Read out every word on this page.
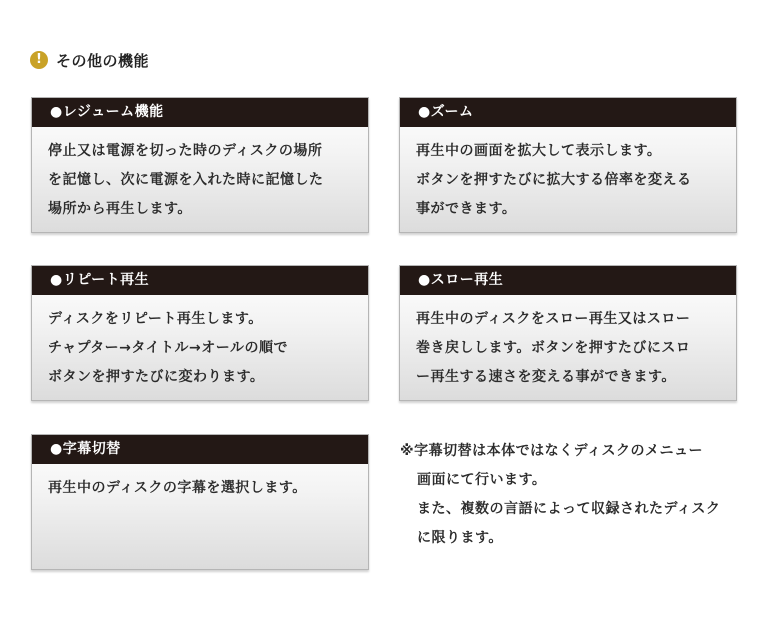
! その他の機能
●レジューム機能
停止又は電源を切った時のディスクの場所
を記憶し、次に電源を入れた時に記憶した
場所から再生します。
●ズーム
再生中の画面を拡大して表示します。
ボタンを押すたびに拡大する倍率を変える
事ができます。
●リピート再生
ディスクをリピート再生します。
チャプター→タイトル→オールの順で
ボタンを押すたびに変わります。
●スロー再生
再生中のディスクをスロー再生又はスロー
巻き戻しします。ボタンを押すたびにスロ
ー再生する速さを変える事ができます。
●字幕切替
再生中のディスクの字幕を選択します。
※字幕切替は本体ではなくディスクのメニュー
画面にて行います。
また、複数の言語によって収録されたディスク
に限ります。
